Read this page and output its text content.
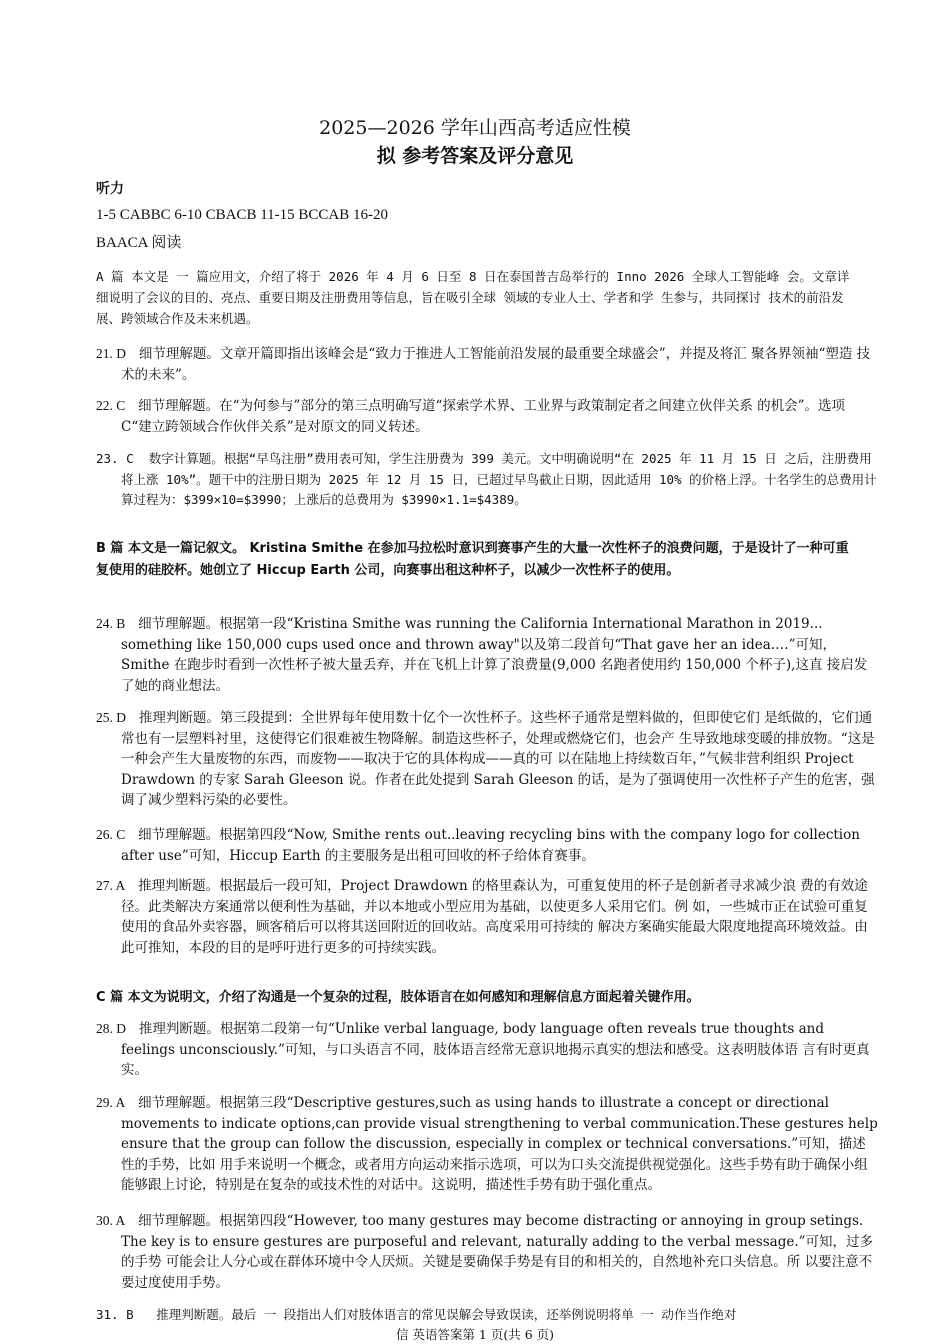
2025—2026 学年山西高考适应性模
拟 参考答案及评分意见
听力
1-5 CABBC 6-10 CBACB 11-15 BCCAB 16-20
BAACA 阅读
A 篇 本文是 一 篇应用文，介绍了将于 2026 年 4 月 6 日至 8 日在泰国普吉岛举行的 Inno 2026 全球人工智能峰 会。文章详细说明了会议的目的、亮点、重要日期及注册费用等信息，旨在吸引全球 领域的专业人士、学者和学 生参与，共同探讨 技术的前沿发展、跨领域合作及未来机遇。
21. D 细节理解题。文章开篇即指出该峰会是“致力于推进人工智能前沿发展的最重要全球盛会”，并提及将汇 聚各界领袖“塑造 技术的未来”。
22. C 细节理解题。在“为何参与”部分的第三点明确写道“探索学术界、工业界与政策制定者之间建立伙伴关系 的机会”。选项 C“建立跨领域合作伙伴关系”是对原文的同义转述。
23. C 数字计算题。根据“早鸟注册”费用表可知，学生注册费为 399 美元。文中明确说明“在 2025 年 11 月 15 日 之后，注册费用将上涨 10%”。题干中的注册日期为 2025 年 12 月 15 日，已超过早鸟截止日期，因此适用 10% 的价格上浮。十名学生的总费用计算过程为：$399×10=$3990；上涨后的总费用为 $3990×1.1=$4389。
B 篇 本文是一篇记叙文。 Kristina Smithe 在参加马拉松时意识到赛事产生的大量一次性杯子的浪费问题，于是设计了一种可重复使用的硅胶杯。她创立了 Hiccup Earth 公司，向赛事出租这种杯子，以减少一次性杯子的使用。
24. B 细节理解题。根据第一段“Kristina Smithe was running the California International Marathon in 2019... something like 150,000 cups used once and thrown away"以及第二段首句“That gave her an idea.…”可知，Smithe 在跑步时看到一次性杯子被大量丢弃，并在飞机上计算了浪费量(9,000 名跑者使用约 150,000 个杯子),这直 接启发了她的商业想法。
25. D 推理判断题。第三段提到：全世界每年使用数十亿个一次性杯子。这些杯子通常是塑料做的，但即使它们 是纸做的，它们通常也有一层塑料衬里，这使得它们很难被生物降解。制造这些杯子，处理或燃烧它们，也会产 生导致地球变暖的排放物。“这是一种会产生大量废物的东西，而废物——取决于它的具体构成——真的可 以在陆地上持续数百年，”气候非营利组织 Project Drawdown 的专家 Sarah Gleeson 说。作者在此处提到 Sarah Gleeson 的话，是为了强调使用一次性杯子产生的危害，强调了减少塑料污染的必要性。
26. C 细节理解题。根据第四段“Now, Smithe rents out..leaving recycling bins with the company logo for collection after use”可知，Hiccup Earth 的主要服务是出租可回收的杯子给体育赛事。
27. A 推理判断题。根据最后一段可知，Project Drawdown 的格里森认为，可重复使用的杯子是创新者寻求减少浪 费的有效途径。此类解决方案通常以便利性为基础，并以本地或小型应用为基础，以使更多人采用它们。例 如，一些城市正在试验可重复使用的食品外卖容器，顾客稍后可以将其送回附近的回收站。高度采用可持续的 解决方案确实能最大限度地提高环境效益。由此可推知，本段的目的是呼吁进行更多的可持续实践。
C 篇 本文为说明文，介绍了沟通是一个复杂的过程，肢体语言在如何感知和理解信息方面起着关键作用。
28. D 推理判断题。根据第二段第一句“Unlike verbal language, body language often reveals true thoughts and feelings unconsciously.”可知，与口头语言不同，肢体语言经常无意识地揭示真实的想法和感受。这表明肢体语 言有时更真实。
29. A 细节理解题。根据第三段“Descriptive gestures,such as using hands to illustrate a concept or directional movements to indicate options,can provide visual strengthening to verbal communication.These gestures help ensure that the group can follow the discussion, especially in complex or technical conversations.”可知，描述性的手势，比如 用手来说明一个概念，或者用方向运动来指示选项，可以为口头交流提供视觉强化。这些手势有助于确保小组 能够跟上讨论，特别是在复杂的或技术性的对话中。这说明，描述性手势有助于强化重点。
30. A 细节理解题。根据第四段“However, too many gestures may become distracting or annoying in group setings. The key is to ensure gestures are purposeful and relevant, naturally adding to the verbal message.”可知，过多的手势 可能会让人分心或在群体环境中令人厌烦。关键是要确保手势是有目的和相关的，自然地补充口头信息。所 以要注意不要过度使用手势。
31. B 推理判断题。最后 一 段指出人们对肢体语言的常见误解会导致误读，还举例说明将单 一 动作当作绝对
信 英语答案第 1 页(共 6 页)
